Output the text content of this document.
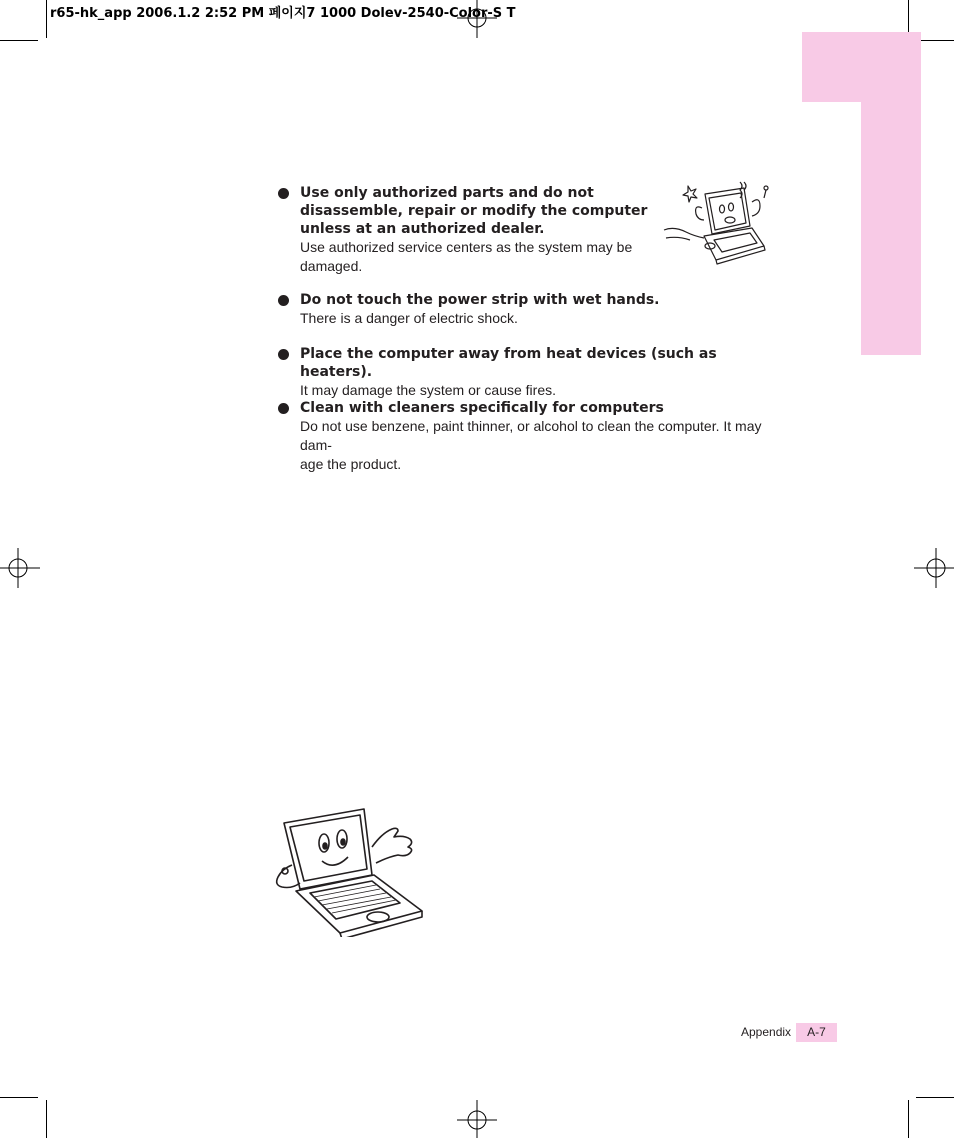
r65-hk_app 2006.1.2 2:52 PM 페이지7 1000 Dolev-2540-Color-S T
Use only authorized parts and do not
disassemble, repair or modify the computer
unless at an authorized dealer.
Use authorized service centers as the system may be
damaged.
Do not touch the power strip with wet hands.
There is a danger of electric shock.
Place the computer away from heat devices (such as heaters).
It may damage the system or cause fires.
Clean with cleaners specifically for computers
Do not use benzene, paint thinner, or alcohol to clean the computer. It may dam-
age the product.
Appendix	A-7
